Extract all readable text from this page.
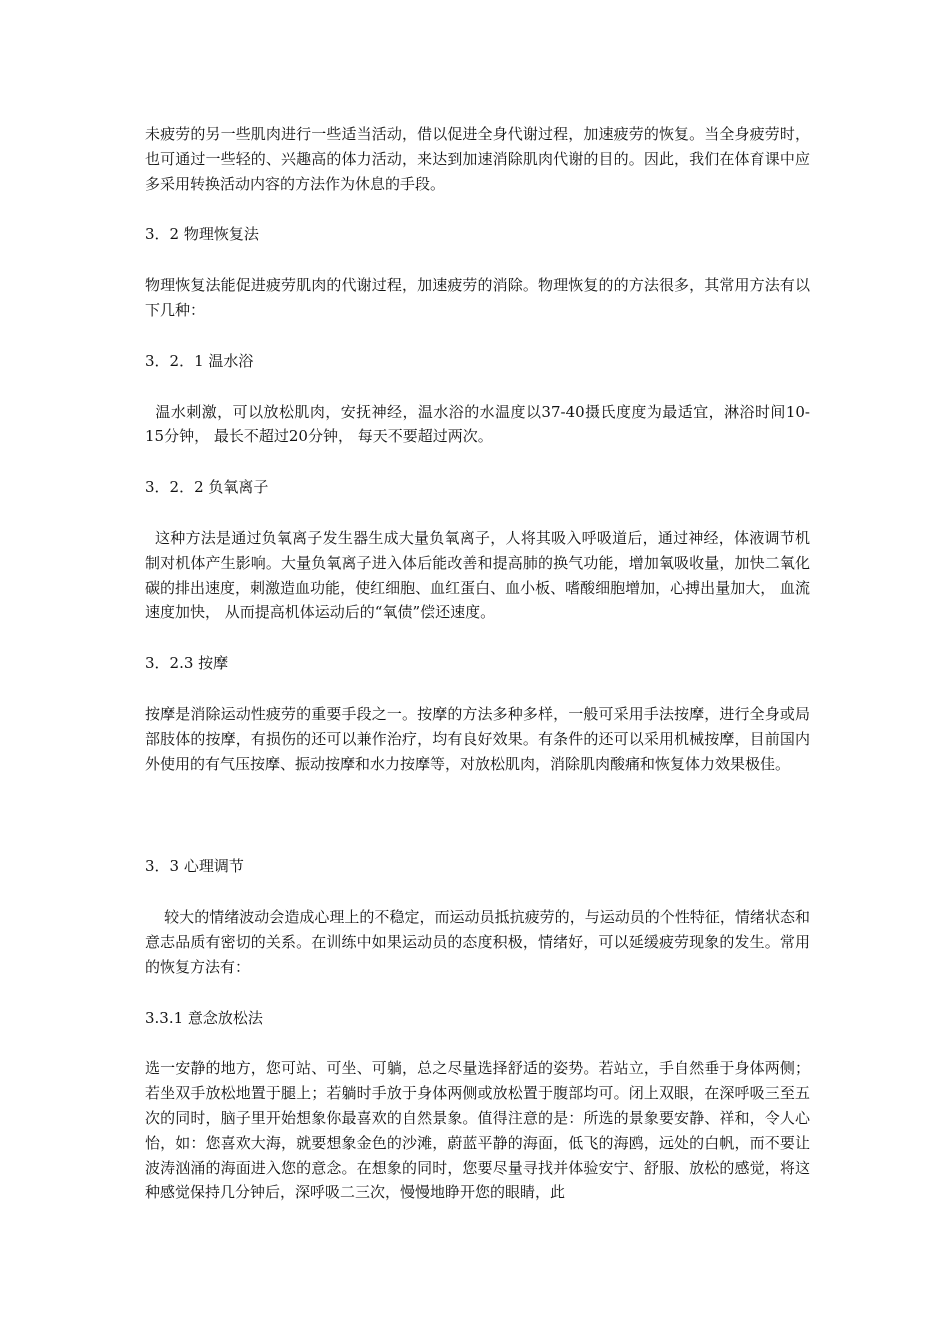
未疲劳的另一些肌肉进行一些适当活动，借以促进全身代谢过程，加速疲劳的恢复。当全身疲劳时，也可通过一些轻的、兴趣高的体力活动，来达到加速消除肌肉代谢的目的。因此，我们在体育课中应多采用转换活动内容的方法作为休息的手段。

3．2 物理恢复法

物理恢复法能促进疲劳肌肉的代谢过程，加速疲劳的消除。物理恢复的的方法很多，其常用方法有以下几种：

3．2．1 温水浴

温水刺激，可以放松肌肉，安抚神经，温水浴的水温度以37-40摄氏度度为最适宜，淋浴时间10-15分钟， 最长不超过20分钟， 每天不要超过两次。

3．2．2 负氧离子

这种方法是通过负氧离子发生器生成大量负氧离子，人将其吸入呼吸道后，通过神经，体液调节机制对机体产生影响。大量负氧离子进入体后能改善和提高肺的换气功能，增加氧吸收量，加快二氧化碳的排出速度，刺激造血功能，使红细胞、血红蛋白、血小板、嗜酸细胞增加，心搏出量加大， 血流速度加快， 从而提高机体运动后的“氧债”偿还速度。

3．2.3 按摩

按摩是消除运动性疲劳的重要手段之一。按摩的方法多种多样，一般可采用手法按摩，进行全身或局部肢体的按摩，有损伤的还可以兼作治疗，均有良好效果。有条件的还可以采用机械按摩，目前国内外使用的有气压按摩、振动按摩和水力按摩等，对放松肌肉，消除肌肉酸痛和恢复体力效果极佳。

3．3 心理调节

较大的情绪波动会造成心理上的不稳定，而运动员抵抗疲劳的，与运动员的个性特征，情绪状态和意志品质有密切的关系。在训练中如果运动员的态度积极，情绪好，可以延缓疲劳现象的发生。常用的恢复方法有：

3.3.1 意念放松法

选一安静的地方，您可站、可坐、可躺，总之尽量选择舒适的姿势。若站立，手自然垂于身体两侧；若坐双手放松地置于腿上；若躺时手放于身体两侧或放松置于腹部均可。闭上双眼，在深呼吸三至五次的同时，脑子里开始想象你最喜欢的自然景象。值得注意的是：所选的景象要安静、祥和，令人心怡，如：您喜欢大海，就要想象金色的沙滩，蔚蓝平静的海面，低飞的海鸥，远处的白帆，而不要让波涛汹涌的海面进入您的意念。在想象的同时，您要尽量寻找并体验安宁、舒服、放松的感觉，将这种感觉保持几分钟后，深呼吸二三次，慢慢地睁开您的眼睛，此
